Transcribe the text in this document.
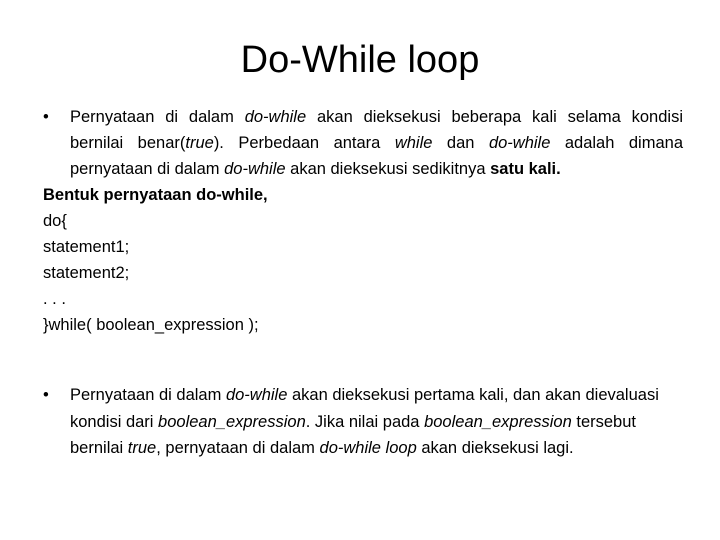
Do-While loop
• Pernyataan di dalam do-while akan dieksekusi beberapa kali selama kondisi bernilai benar(true). Perbedaan antara while dan do-while adalah dimana pernyataan di dalam do-while akan dieksekusi sedikitnya satu kali.
Bentuk pernyataan do-while,
do{
statement1;
statement2;
. . .
}while( boolean_expression );
• Pernyataan di dalam do-while akan dieksekusi pertama kali, dan akan dievaluasi kondisi dari boolean_expression. Jika nilai pada boolean_expression tersebut bernilai true, pernyataan di dalam do-while loop akan dieksekusi lagi.
